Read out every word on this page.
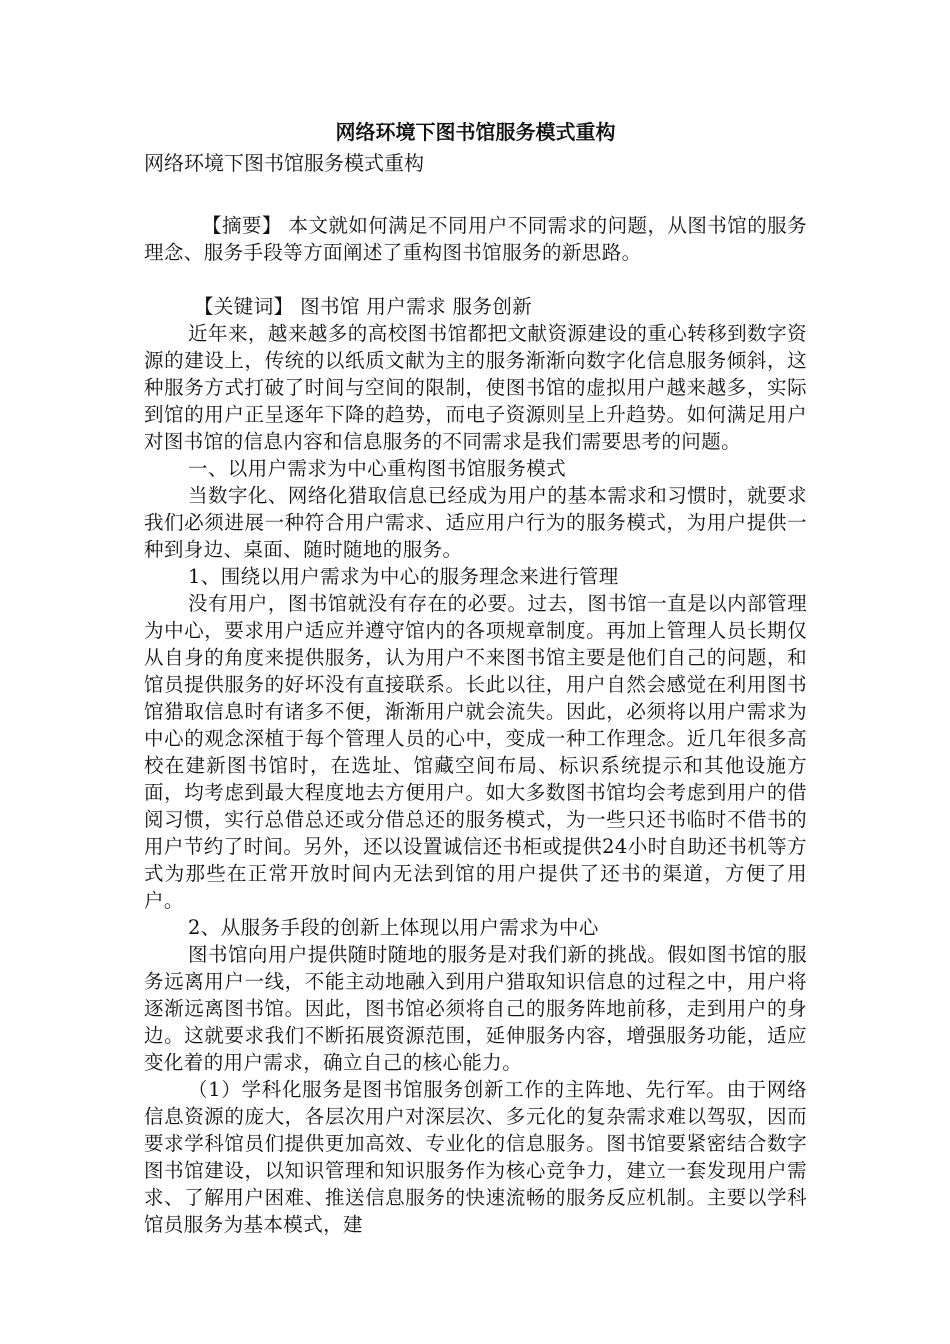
网络环境下图书馆服务模式重构

网络环境下图书馆服务模式重构

【摘要】 本文就如何满足不同用户不同需求的问题，从图书馆的服务理念、服务手段等方面阐述了重构图书馆服务的新思路。

【关键词】 图书馆 用户需求 服务创新

近年来，越来越多的高校图书馆都把文献资源建设的重心转移到数字资源的建设上，传统的以纸质文献为主的服务渐渐向数字化信息服务倾斜，这种服务方式打破了时间与空间的限制，使图书馆的虚拟用户越来越多，实际到馆的用户正呈逐年下降的趋势，而电子资源则呈上升趋势。如何满足用户对图书馆的信息内容和信息服务的不同需求是我们需要思考的问题。

一、以用户需求为中心重构图书馆服务模式

当数字化、网络化猎取信息已经成为用户的基本需求和习惯时，就要求我们必须进展一种符合用户需求、适应用户行为的服务模式，为用户提供一种到身边、桌面、随时随地的服务。

1、围绕以用户需求为中心的服务理念来进行管理

没有用户，图书馆就没有存在的必要。过去，图书馆一直是以内部管理为中心，要求用户适应并遵守馆内的各项规章制度。再加上管理人员长期仅从自身的角度来提供服务，认为用户不来图书馆主要是他们自己的问题，和馆员提供服务的好坏没有直接联系。长此以往，用户自然会感觉在利用图书馆猎取信息时有诸多不便，渐渐用户就会流失。因此，必须将以用户需求为中心的观念深植于每个管理人员的心中，变成一种工作理念。近几年很多高校在建新图书馆时，在选址、馆藏空间布局、标识系统提示和其他设施方面，均考虑到最大程度地去方便用户。如大多数图书馆均会考虑到用户的借阅习惯，实行总借总还或分借总还的服务模式，为一些只还书临时不借书的用户节约了时间。另外，还以设置诚信还书柜或提供24小时自助还书机等方式为那些在正常开放时间内无法到馆的用户提供了还书的渠道，方便了用户。

2、从服务手段的创新上体现以用户需求为中心

图书馆向用户提供随时随地的服务是对我们新的挑战。假如图书馆的服务远离用户一线，不能主动地融入到用户猎取知识信息的过程之中，用户将逐渐远离图书馆。因此，图书馆必须将自己的服务阵地前移，走到用户的身边。这就要求我们不断拓展资源范围，延伸服务内容，增强服务功能，适应变化着的用户需求，确立自己的核心能力。

（1）学科化服务是图书馆服务创新工作的主阵地、先行军。由于网络信息资源的庞大，各层次用户对深层次、多元化的复杂需求难以驾驭，因而要求学科馆员们提供更加高效、专业化的信息服务。图书馆要紧密结合数字图书馆建设，以知识管理和知识服务作为核心竞争力，建立一套发现用户需求、了解用户困难、推送信息服务的快速流畅的服务反应机制。主要以学科馆员服务为基本模式，建
